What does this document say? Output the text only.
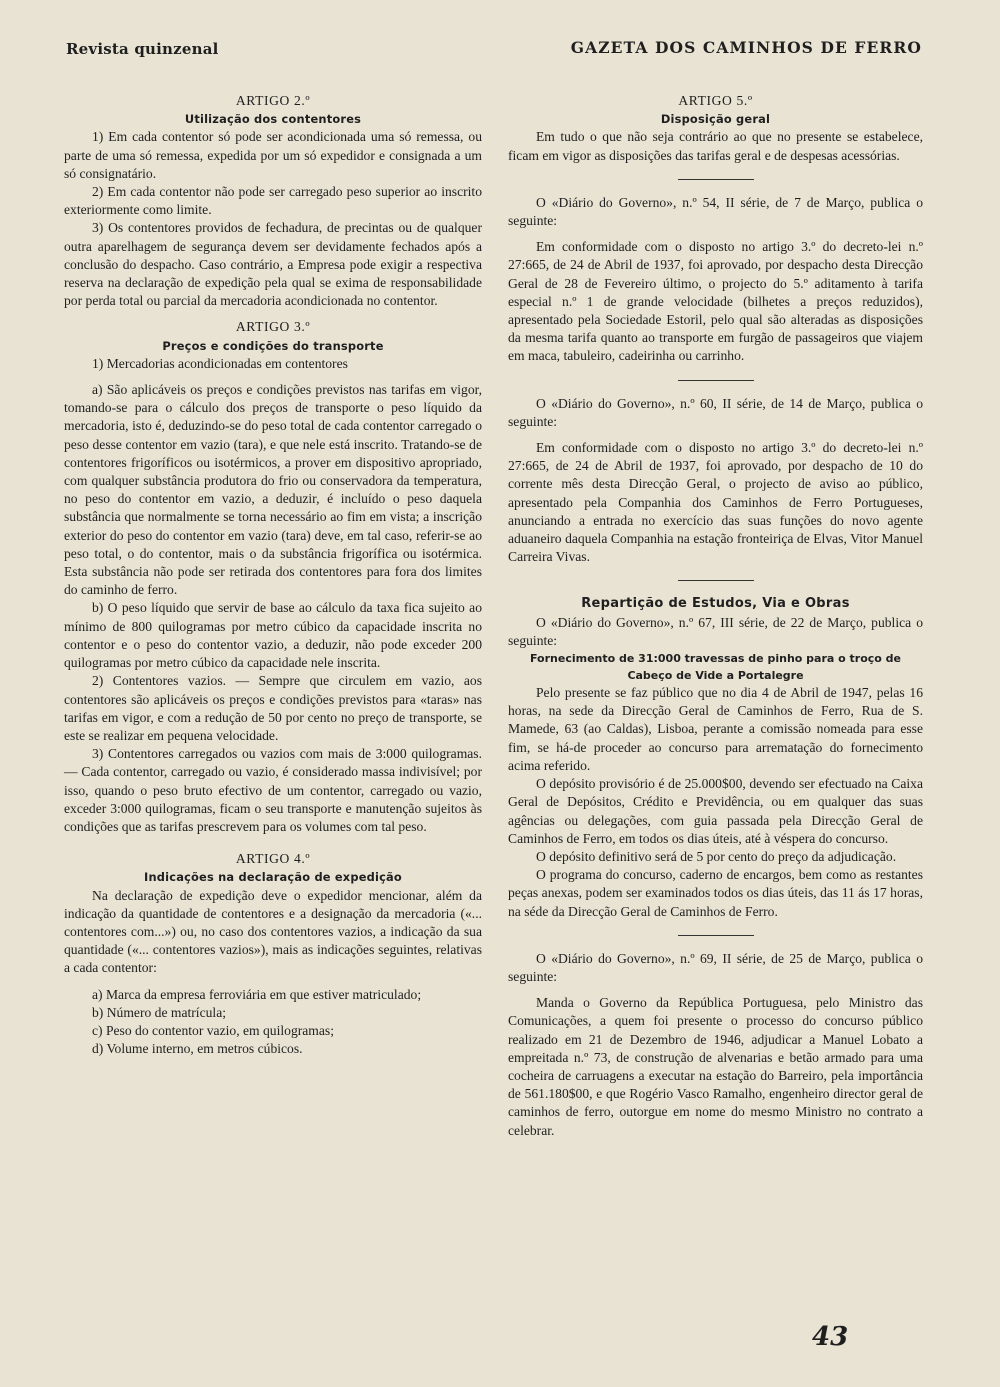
Revista quinzenal	GAZETA DOS CAMINHOS DE FERRO

ARTIGO 2.º

Utilização dos contentores

1) Em cada contentor só pode ser acondicionada uma só remessa, ou parte de uma só remessa, expedida por um só expedidor e consignada a um só consignatário.

2) Em cada contentor não pode ser carregado peso superior ao inscrito exteriormente como limite.

3) Os contentores providos de fechadura, de precintas ou de qualquer outra aparelhagem de segurança devem ser devidamente fechados após a conclusão do despacho. Caso contrário, a Empresa pode exigir a respectiva reserva na declaração de expedição pela qual se exima de responsabilidade por perda total ou parcial da mercadoria acondicionada no contentor.

ARTIGO 3.º

Preços e condições do transporte

1) Mercadorias acondicionadas em contentores

a) São aplicáveis os preços e condições previstos nas tarifas em vigor, tomando-se para o cálculo dos preços de transporte o peso líquido da mercadoria, isto é, deduzindo-se do peso total de cada contentor carregado o peso desse contentor em vazio (tara), e que nele está inscrito. Tratando-se de contentores frigoríficos ou isotérmicos, a prover em dispositivo apropriado, com qualquer substância produtora do frio ou conservadora da temperatura, no peso do contentor em vazio, a deduzir, é incluído o peso daquela substância que normalmente se torna necessário ao fim em vista; a inscrição exterior do peso do contentor em vazio (tara) deve, em tal caso, referir-se ao peso total, o do contentor, mais o da substância frigorífica ou isotérmica. Esta substância não pode ser retirada dos contentores para fora dos limites do caminho de ferro.

b) O peso líquido que servir de base ao cálculo da taxa fica sujeito ao mínimo de 800 quilogramas por metro cúbico da capacidade inscrita no contentor e o peso do contentor vazio, a deduzir, não pode exceder 200 quilogramas por metro cúbico da capacidade nele inscrita.

2) Contentores vazios. — Sempre que circulem em vazio, aos contentores são aplicáveis os preços e condições previstos para «taras» nas tarifas em vigor, e com a redução de 50 por cento no preço de transporte, se este se realizar em pequena velocidade.

3) Contentores carregados ou vazios com mais de 3:000 quilogramas. — Cada contentor, carregado ou vazio, é considerado massa indivisível; por isso, quando o peso bruto efectivo de um contentor, carregado ou vazio, exceder 3:000 quilogramas, ficam o seu transporte e manutenção sujeitos às condições que as tarifas prescrevem para os volumes com tal peso.

ARTIGO 4.º

Indicações na declaração de expedição

Na declaração de expedição deve o expedidor mencionar, além da indicação da quantidade de contentores e a designação da mercadoria («... contentores com...») ou, no caso dos contentores vazios, a indicação da sua quantidade («... contentores vazios»), mais as indicações seguintes, relativas a cada contentor:

a) Marca da empresa ferroviária em que estiver matriculado;

b) Número de matrícula;

c) Peso do contentor vazio, em quilogramas;

d) Volume interno, em metros cúbicos.

ARTIGO 5.º

Disposição geral

Em tudo o que não seja contrário ao que no presente se estabelece, ficam em vigor as disposições das tarifas geral e de despesas acessórias.

O «Diário do Governo», n.º 54, II série, de 7 de Março, publica o seguinte:

Em conformidade com o disposto no artigo 3.º do decreto-lei n.º 27:665, de 24 de Abril de 1937, foi aprovado, por despacho desta Direcção Geral de 28 de Fevereiro último, o projecto do 5.º aditamento à tarifa especial n.º 1 de grande velocidade (bilhetes a preços reduzidos), apresentado pela Sociedade Estoril, pelo qual são alteradas as disposições da mesma tarifa quanto ao transporte em furgão de passageiros que viajem em maca, tabuleiro, cadeirinha ou carrinho.

O «Diário do Governo», n.º 60, II série, de 14 de Março, publica o seguinte:

Em conformidade com o disposto no artigo 3.º do decreto-lei n.º 27:665, de 24 de Abril de 1937, foi aprovado, por despacho de 10 do corrente mês desta Direcção Geral, o projecto de aviso ao público, apresentado pela Companhia dos Caminhos de Ferro Portugueses, anunciando a entrada no exercício das suas funções do novo agente aduaneiro daquela Companhia na estação fronteiriça de Elvas, Vitor Manuel Carreira Vivas.

Repartição de Estudos, Via e Obras

O «Diário do Governo», n.º 67, III série, de 22 de Março, publica o seguinte:

Fornecimento de 31:000 travessas de pinho para o troço de Cabeço de Vide a Portalegre

Pelo presente se faz público que no dia 4 de Abril de 1947, pelas 16 horas, na sede da Direcção Geral de Caminhos de Ferro, Rua de S. Mamede, 63 (ao Caldas), Lisboa, perante a comissão nomeada para esse fim, se há-de proceder ao concurso para arrematação do fornecimento acima referido.

O depósito provisório é de 25.000$00, devendo ser efectuado na Caixa Geral de Depósitos, Crédito e Previdência, ou em qualquer das suas agências ou delegações, com guia passada pela Direcção Geral de Caminhos de Ferro, em todos os dias úteis, até à véspera do concurso.

O depósito definitivo será de 5 por cento do preço da adjudicação.

O programa do concurso, caderno de encargos, bem como as restantes peças anexas, podem ser examinados todos os dias úteis, das 11 ás 17 horas, na séde da Direcção Geral de Caminhos de Ferro.

O «Diário do Governo», n.º 69, II série, de 25 de Março, publica o seguinte:

Manda o Governo da República Portuguesa, pelo Ministro das Comunicações, a quem foi presente o processo do concurso público realizado em 21 de Dezembro de 1946, adjudicar a Manuel Lobato a empreitada n.º 73, de construção de alvenarias e betão armado para uma cocheira de carruagens a executar na estação do Barreiro, pela importância de 561.180$00, e que Rogério Vasco Ramalho, engenheiro director geral de caminhos de ferro, outorgue em nome do mesmo Ministro no contrato a celebrar.

43
